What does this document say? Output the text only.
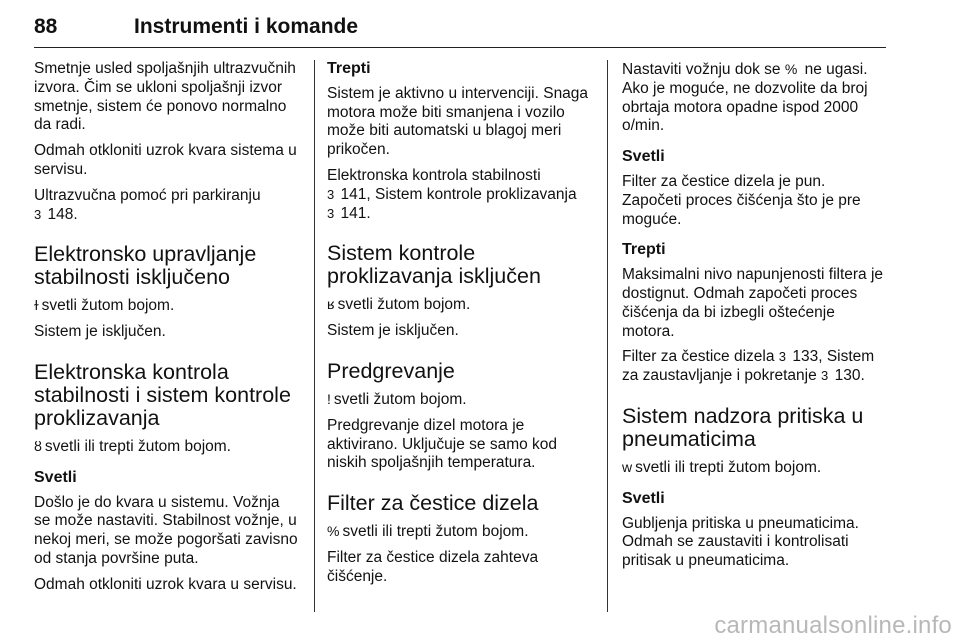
88	Instrumenti i komande

Smetnje usled spoljašnjih ultrazvučnih izvora. Čim se ukloni spoljašnji izvor smetnje, sistem će ponovo normalno da radi.

Odmah otkloniti uzrok kvara sistema u servisu.

Ultrazvučna pomoć pri parkiranju
3 148.

Elektronsko upravljanje stabilnosti isključeno

ɫ svetli žutom bojom.

Sistem je isključen.

Elektronska kontrola stabilnosti i sistem kontrole proklizavanja

ȣ svetli ili trepti žutom bojom.

Svetli

Došlo je do kvara u sistemu. Vožnja se može nastaviti. Stabilnost vožnje, u nekoj meri, se može pogoršati zavisno od stanja površine puta.

Odmah otkloniti uzrok kvara u servisu.

Trepti

Sistem je aktivno u intervenciji. Snaga motora može biti smanjena i vozilo može biti automatski u blagoj meri prikočen.

Elektronska kontrola stabilnosti
3 141, Sistem kontrole proklizavanja
3 141.

Sistem kontrole proklizavanja isključen

ʁ svetli žutom bojom.

Sistem je isključen.

Predgrevanje

! svetli žutom bojom.

Predgrevanje dizel motora je aktivirano. Uključuje se samo kod niskih spoljašnjih temperatura.

Filter za čestice dizela

% svetli ili trepti žutom bojom.

Filter za čestice dizela zahteva čišćenje.

Nastaviti vožnju dok se % ne ugasi. Ako je moguće, ne dozvolite da broj obrtaja motora opadne ispod 2000 o/min.

Svetli

Filter za čestice dizela je pun. Započeti proces čišćenja što je pre moguće.

Trepti

Maksimalni nivo napunjenosti filtera je dostignut. Odmah započeti proces čišćenja da bi izbegli oštećenje motora.

Filter za čestice dizela 3 133, Sistem za zaustavljanje i pokretanje 3 130.

Sistem nadzora pritiska u pneumaticima

w svetli ili trepti žutom bojom.

Svetli

Gubljenja pritiska u pneumaticima. Odmah se zaustaviti i kontrolisati pritisak u pneumaticima.

carmanualsonline.info
